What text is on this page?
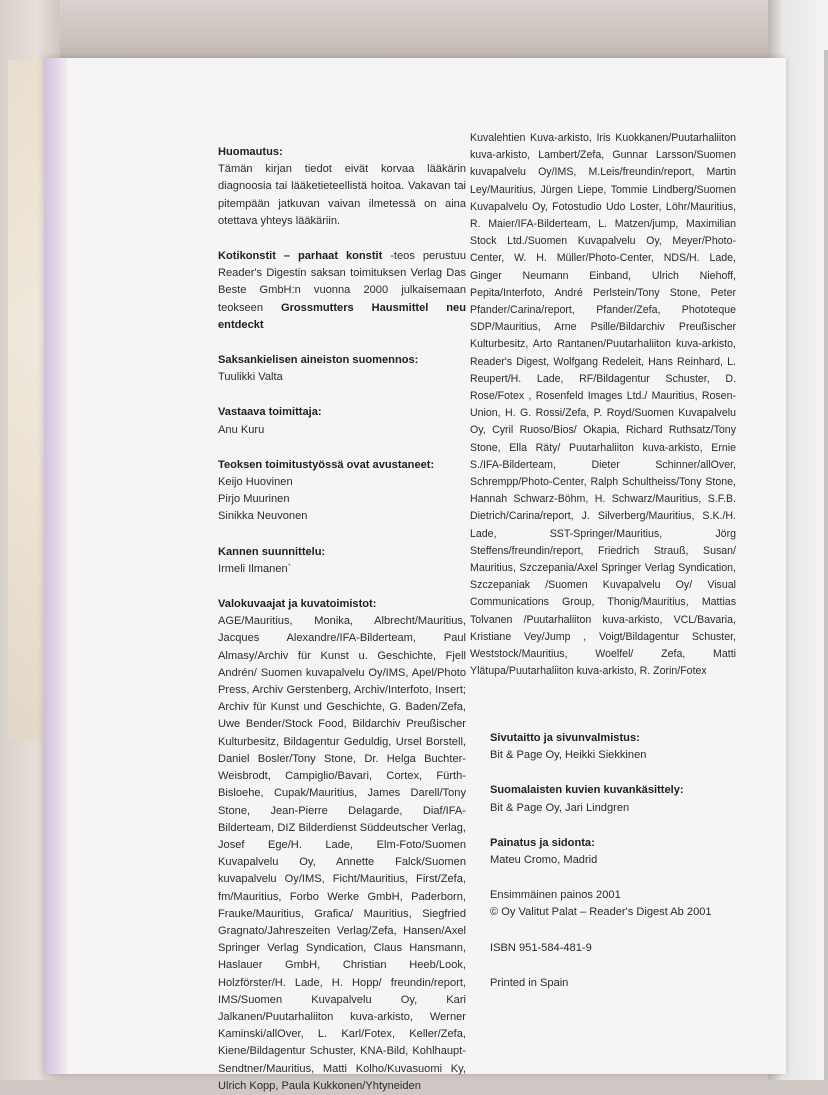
Huomautus:
Tämän kirjan tiedot eivät korvaa lääkärin diagnoosia tai lääketieteellistä hoitoa. Vakavan tai pitempään jatkuvan vaivan ilmetessä on aina otettava yhteys lääkäriin.
Kotikonstit – parhaat konstit -teos perustuu Reader's Digestin saksan toimituksen Verlag Das Beste GmbH:n vuonna 2000 julkaisemaan teokseen Grossmutters Hausmittel neu entdeckt
Saksankielisen aineiston suomennos:
Tuulikki Valta
Vastaava toimittaja:
Anu Kuru
Teoksen toimitustyössä ovat avustaneet:
Keijo Huovinen
Pirjo Muurinen
Sinikka Neuvonen
Kannen suunnittelu:
Irmeli Ilmanen`
Valokuvaajat ja kuvatoimistot:
AGE/Mauritius, Monika, Albrecht/Mauritius, Jacques Alexandre/IFA-Bilderteam, Paul Almasy/Archiv für Kunst u. Geschichte, Fjell Andrén/ Suomen kuvapalvelu Oy/IMS, Apel/Photo Press, Archiv Gerstenberg, Archiv/Interfoto, Insert; Archiv für Kunst und Geschichte, G. Baden/Zefa, Uwe Bender/Stock Food, Bildarchiv Preußischer Kulturbesitz, Bildagentur Geduldig, Ursel Borstell, Daniel Bosler/Tony Stone, Dr. Helga Buchter-Weisbrodt, Campiglio/Bavari, Cortex, Fürth-Bisloehe, Cupak/Mauritius, James Darell/Tony Stone, Jean-Pierre Delagarde, Diaf/IFA-Bilderteam, DIZ Bilderdienst Süddeutscher Verlag, Josef Ege/H. Lade, Elm-Foto/Suomen Kuvapalvelu Oy, Annette Falck/Suomen kuvapalvelu Oy/IMS, Ficht/Mauritius, First/Zefa, fm/Mauritius, Forbo Werke GmbH, Paderborn, Frauke/Mauritius, Grafica/ Mauritius, Siegfried Gragnato/Jahreszeiten Verlag/Zefa, Hansen/Axel Springer Verlag Syndication, Claus Hansmann, Haslauer GmbH, Christian Heeb/Look, Holzförster/H. Lade, H. Hopp/ freundin/report, IMS/Suomen Kuvapalvelu Oy, Kari Jalkanen/Puutarhaliiton kuva-arkisto, Werner Kaminski/allOver, L. Karl/Fotex, Keller/Zefa, Kiene/Bildagentur Schuster, KNA-Bild, Kohlhaupt-Sendtner/Mauritius, Matti Kolho/Kuvasuomi Ky, Ulrich Kopp, Paula Kukkonen/Yhtyneiden
Kuvalehtien Kuva-arkisto, Iris Kuokkanen/Puutarhaliiton kuva-arkisto, Lambert/Zefa, Gunnar Larsson/Suomen kuvapalvelu Oy/IMS, M.Leis/freundin/report, Martin Ley/Mauritius, Jürgen Liepe, Tommie Lindberg/Suomen Kuvapalvelu Oy, Fotostudio Udo Loster, Löhr/Mauritius, R. Maier/IFA-Bilderteam, L. Matzen/jump, Maximilian Stock Ltd./Suomen Kuvapalvelu Oy, Meyer/Photo-Center, W. H. Müller/Photo-Center, NDS/H. Lade, Ginger Neumann Einband, Ulrich Niehoff, Pepita/Interfoto, André Perlstein/Tony Stone, Peter Pfander/Carina/report, Pfander/Zefa, Phototeque SDP/Mauritius, Arne Psille/Bildarchiv Preußischer Kulturbesitz, Arto Rantanen/Puutarhaliiton kuva-arkisto, Reader's Digest, Wolfgang Redeleit, Hans Reinhard, L. Reupert/H. Lade, RF/Bildagentur Schuster, D. Rose/Fotex , Rosenfeld Images Ltd./ Mauritius, Rosen-Union, H. G. Rossi/Zefa, P. Royd/Suomen Kuvapalvelu Oy, Cyril Ruoso/Bios/ Okapia, Richard Ruthsatz/Tony Stone, Ella Räty/ Puutarhaliiton kuva-arkisto, Ernie S./IFA-Bilderteam, Dieter Schinner/allOver, Schrempp/Photo-Center, Ralph Schultheiss/Tony Stone, Hannah Schwarz-Böhm, H. Schwarz/Mauritius, S.F.B. Dietrich/Carina/report, J. Silverberg/Mauritius, S.K./H. Lade, SST-Springer/Mauritius, Jörg Steffens/freundin/report, Friedrich Strauß, Susan/ Mauritius, Szczepania/Axel Springer Verlag Syndication, Szczepaniak /Suomen Kuvapalvelu Oy/ Visual Communications Group, Thonig/Mauritius, Mattias Tolvanen /Puutarhaliiton kuva-arkisto, VCL/Bavaria, Kristiane Vey/Jump , Voigt/Bildagentur Schuster, Weststock/Mauritius, Woelfel/ Zefa, Matti Ylätupa/Puutarhaliiton kuva-arkisto, R. Zorin/Fotex
Sivutaitto ja sivunvalmistus:
Bit & Page Oy, Heikki Siekkinen
Suomalaisten kuvien kuvankäsittely:
Bit & Page Oy, Jari Lindgren
Painatus ja sidonta:
Mateu Cromo, Madrid
Ensimmäinen painos 2001
© Oy Valitut Palat – Reader's Digest Ab 2001
ISBN 951-584-481-9
Printed in Spain
